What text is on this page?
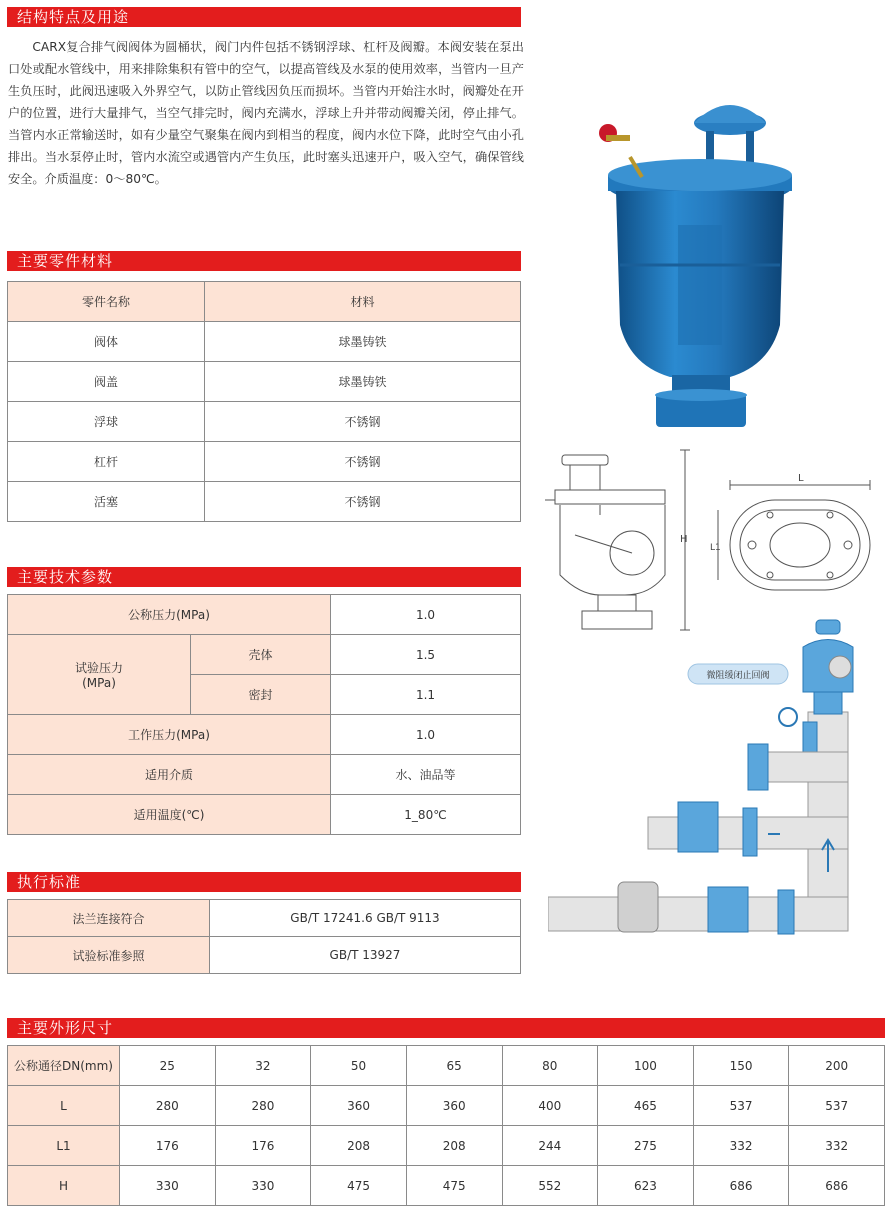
结构特点及用途

CARX复合排气阀阀体为圆桶状，阀门内件包括不锈钢浮球、杠杆及阀瓣。本阀安装在泵出口处或配水管线中，用来排除集积有管中的空气，以提高管线及水泵的使用效率，当管内一旦产生负压时，此阀迅速吸入外界空气，以防止管线因负压而损坏。当管内开始注水时，阀瓣处在开户的位置，进行大量排气，当空气排完时，阀内充满水，浮球上升并带动阀瓣关闭，停止排气。当管内水正常输送时，如有少量空气聚集在阀内到相当的程度，阀内水位下降，此时空气由小孔排出。当水泵停止时，管内水流空或遇管内产生负压，此时塞头迅速开户，吸入空气，确保管线安全。介质温度：0～80℃。

主要零件材料
零件名称	材料
阀体	球墨铸铁
阀盖	球墨铸铁
浮球	不锈钢
杠杆	不锈钢
活塞	不锈钢
主要技术参数
公称压力(MPa)		1.0

试验压力
(MPa)	壳体	1.5
	密封	1.1
工作压力(MPa)		1.0
适用介质		水、油品等
适用温度(℃)		1_80℃
执行标准
法兰连接符合	GB/T 17241.6 GB/T 9113
试验标准参照	GB/T 13927
H
L
L1
微阻缓闭止回阀
主要外形尺寸
公称通径DN(mm)	25	32	50	65	80	100	150	200
L	280	280	360	360	400	465	537	537
L1	176	176	208	208	244	275	332	332
H	330	330	475	475	552	623	686	686
